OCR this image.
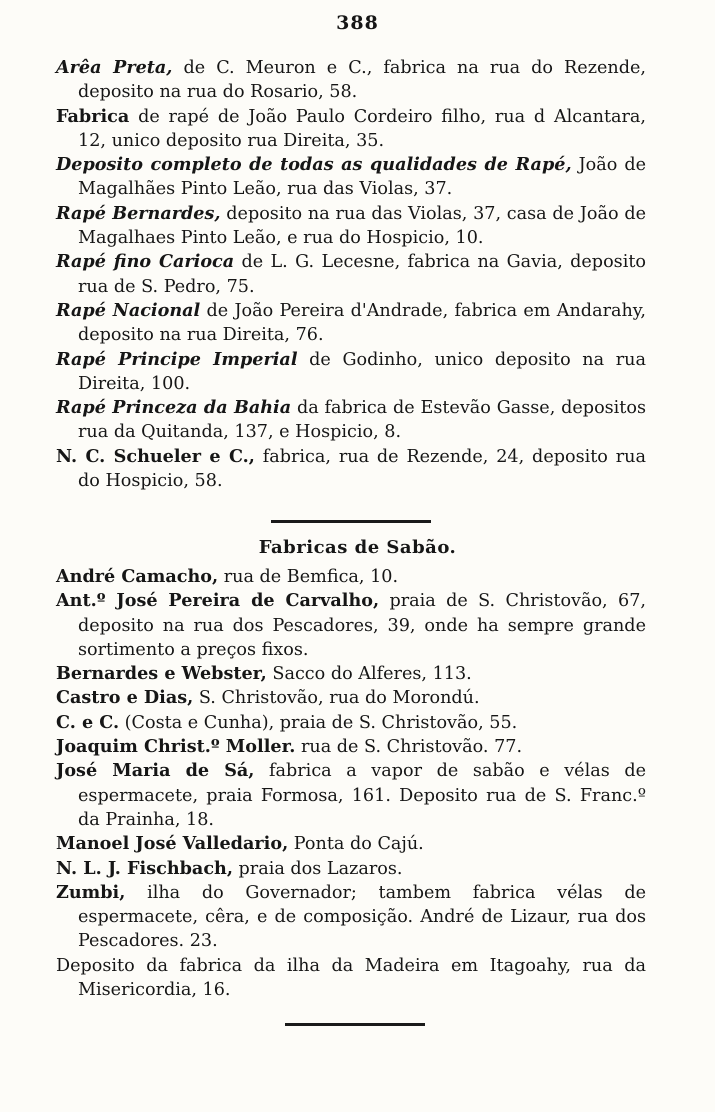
388

Arêa Preta, de C. Meuron e C., fabrica na rua do Rezende, deposito na rua do Rosario, 58.

Fabrica de rapé de João Paulo Cordeiro filho, rua d Alcantara, 12, unico deposito rua Direita, 35.

Deposito completo de todas as qualidades de Rapé, João de Magalhães Pinto Leão, rua das Violas, 37.

Rapé Bernardes, deposito na rua das Violas, 37, casa de João de Magalhaes Pinto Leão, e rua do Hospicio, 10.

Rapé fino Carioca de L. G. Lecesne, fabrica na Gavia, deposito rua de S. Pedro, 75.

Rapé Nacional de João Pereira d'Andrade, fabrica em Andarahy, deposito na rua Direita, 76.

Rapé Principe Imperial de Godinho, unico deposito na rua Direita, 100.

Rapé Princeza da Bahia da fabrica de Estevão Gasse, depositos rua da Quitanda, 137, e Hospicio, 8.

N. C. Schueler e C., fabrica, rua de Rezende, 24, deposito rua do Hospicio, 58.

Fabricas de Sabão.

André Camacho, rua de Bemfica, 10.

Ant.º José Pereira de Carvalho, praia de S. Christovão, 67, deposito na rua dos Pescadores, 39, onde ha sempre grande sortimento a preços fixos.

Bernardes e Webster, Sacco do Alferes, 113.

Castro e Dias, S. Christovão, rua do Morondú.

C. e C. (Costa e Cunha), praia de S. Christovão, 55.

Joaquim Christ.º Moller. rua de S. Christovão. 77.

José Maria de Sá, fabrica a vapor de sabão e vélas de espermacete, praia Formosa, 161. Deposito rua de S. Franc.º da Prainha, 18.

Manoel José Valledario, Ponta do Cajú.

N. L. J. Fischbach, praia dos Lazaros.

Zumbi, ilha do Governador; tambem fabrica vélas de espermacete, cêra, e de composição. André de Lizaur, rua dos Pescadores. 23.

Deposito da fabrica da ilha da Madeira em Itagoahy, rua da Misericordia, 16.
